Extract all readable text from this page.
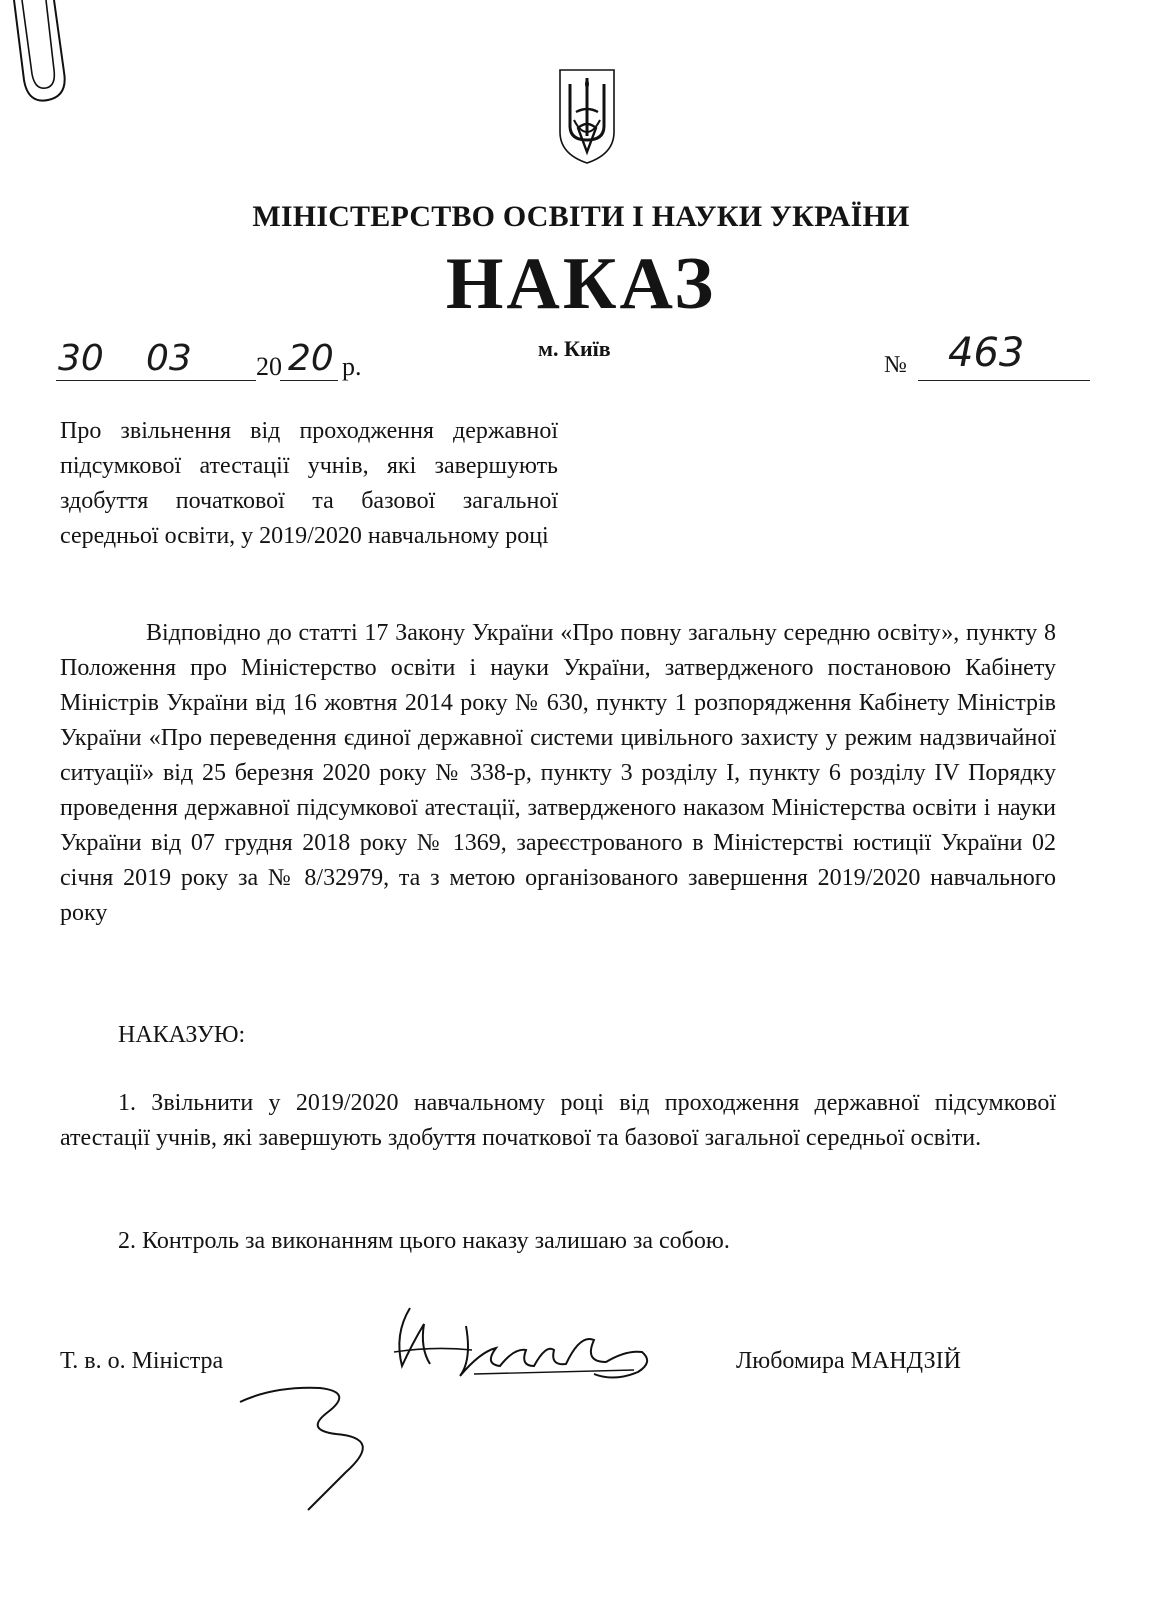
МІНІСТЕРСТВО ОСВІТИ І НАУКИ УКРАЇНИ
НАКАЗ
30 03 20 20 р.
м. Київ
№ 463
Про звільнення від проходження державної підсумкової атестації учнів, які завершують здобуття початкової та базової загальної середньої освіти, у 2019/2020 навчальному році
Відповідно до статті 17 Закону України «Про повну загальну середню освіту», пункту 8 Положення про Міністерство освіти і науки України, затвердженого постановою Кабінету Міністрів України від 16 жовтня 2014 року № 630, пункту 1 розпорядження Кабінету Міністрів України «Про переведення єдиної державної системи цивільного захисту у режим надзвичайної ситуації» від 25 березня 2020 року № 338-р, пункту 3 розділу І, пункту 6 розділу IV Порядку проведення державної підсумкової атестації, затвердженого наказом Міністерства освіти і науки України від 07 грудня 2018 року № 1369, зареєстрованого в Міністерстві юстиції України 02 січня 2019 року за № 8/32979, та з метою організованого завершення 2019/2020 навчального року
НАКАЗУЮ:
1. Звільнити у 2019/2020 навчальному році від проходження державної підсумкової атестації учнів, які завершують здобуття початкової та базової загальної середньої освіти.
2. Контроль за виконанням цього наказу залишаю за собою.
Т. в. о. Міністра	Любомира МАНДЗІЙ
